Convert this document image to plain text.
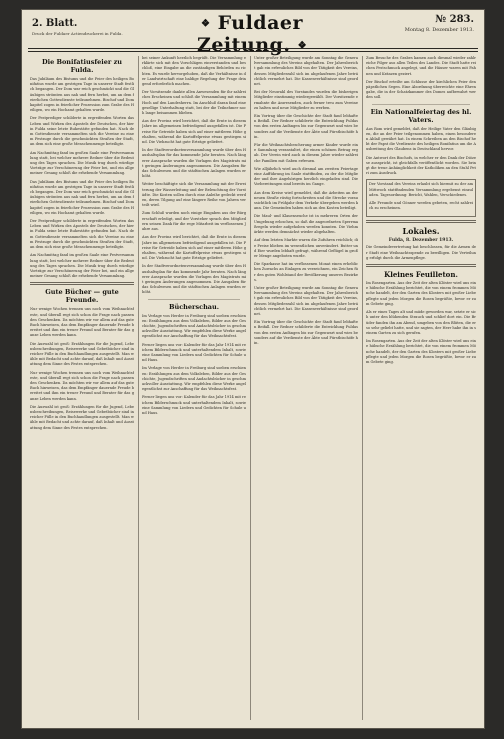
2. Blatt.
Druck der Fuldaer Actiendruckerei in Fulda.
❖ Fuldaer Zeitung. ❖
№ 283.
Montag 8. Dezember 1913.
Die Bonifatiusfeier zu Fulda.

Das Jubiläum des Bistums und die Feier des heiligen Bonifatius wurde am gestrigen Tage in unserer Stadt festlich begangen. Der Dom war reich geschmückt und die Gläubigen strömten aus nah und fern herbei, um an dem feierlichen Gottesdienste teilzunehmen. Bischof und Domkapitel zogen in feierlicher Prozession zum Grabe des Heiligen, wo ein Hochamt gehalten wurde.

Der Festprediger schilderte in ergreifenden Worten das Leben und Wirken des Apostels der Deutschen, der hier in Fulda seine letzte Ruhestätte gefunden hat. Nach dem Gottesdienste versammelten sich die Vereine zu einem Festzuge durch die geschmückten Straßen der Stadt, an dem sich eine große Menschenmenge beteiligte.

Am Nachmittag fand im großen Saale eine Festversammlung statt, bei welcher mehrere Redner über die Bedeutung des Tages sprachen. Die Musik trug durch würdige Vorträge zur Verschönerung der Feier bei, und ein allgemeiner Gesang schloß die erhebende Versammlung.

Das Jubiläum des Bistums und die Feier des heiligen Bonifatius wurde am gestrigen Tage in unserer Stadt festlich begangen. Der Dom war reich geschmückt und die Gläubigen strömten aus nah und fern herbei, um an dem feierlichen Gottesdienste teilzunehmen. Bischof und Domkapitel zogen in feierlicher Prozession zum Grabe des Heiligen, wo ein Hochamt gehalten wurde.

Der Festprediger schilderte in ergreifenden Worten das Leben und Wirken des Apostels der Deutschen, der hier in Fulda seine letzte Ruhestätte gefunden hat. Nach dem Gottesdienste versammelten sich die Vereine zu einem Festzuge durch die geschmückten Straßen der Stadt, an dem sich eine große Menschenmenge beteiligte.

Am Nachmittag fand im großen Saale eine Festversammlung statt, bei welcher mehrere Redner über die Bedeutung des Tages sprachen. Die Musik trug durch würdige Vorträge zur Verschönerung der Feier bei, und ein allgemeiner Gesang schloß die erhebende Versammlung.

Gute Bücher — gute Freunde.

Nur wenige Wochen trennen uns noch vom Weihnachtsfeste, und überall regt sich schon die Frage nach passenden Geschenken. Da möchten wir vor allem auf das gute Buch hinweisen, das dem Empfänger dauernde Freude bereitet und ihm ein treuer Freund und Berater für das ganze Leben werden kann.

Die Auswahl ist groß: Erzählungen für die Jugend, Lebensbeschreibungen, Reisewerke und Gebetbücher sind in reicher Fülle in den Buchhandlungen ausgestellt. Man wähle mit Bedacht und achte darauf, daß Inhalt und Ausstattung dem Sinne des Festes entsprechen.

Nur wenige Wochen trennen uns noch vom Weihnachtsfeste, und überall regt sich schon die Frage nach passenden Geschenken. Da möchten wir vor allem auf das gute Buch hinweisen, das dem Empfänger dauernde Freude bereitet und ihm ein treuer Freund und Berater für das ganze Leben werden kann.

Die Auswahl ist groß: Erzählungen für die Jugend, Lebensbeschreibungen, Reisewerke und Gebetbücher sind in reicher Fülle in den Buchhandlungen ausgestellt. Man wähle mit Bedacht und achte darauf, daß Inhalt und Ausstattung dem Sinne des Festes entsprechen.

bei seiner Ankunft herzlich begrüßt. Die Versammlung erklärte sich mit den Vorschlägen einverstanden und beschloß, eine Eingabe an die zuständigen Behörden zu richten. Es wurde hervorgehoben, daß die Verhältnisse in der Landwirtschaft eine baldige Regelung der Frage dringend erforderlich machen.

Der Vorsitzende dankte allen Anwesenden für ihr zahlreiches Erscheinen und schloß die Versammlung mit einem Hoch auf den Landesherrn. Im Anschluß daran fand eine gesellige Unterhaltung statt, bei der die Teilnehmer noch lange beisammen blieben.

Aus der Provinz wird berichtet, daß die Ernte in diesem Jahre im allgemeinen befriedigend ausgefallen ist. Die Preise für Getreide haben sich auf einer mittleren Höhe gehalten, während die Kartoffelpreise etwas gestiegen sind. Die Viehzucht hat gute Erträge geliefert.

In der Stadtverordnetenversammlung wurde über den Haushaltsplan für das kommende Jahr beraten. Nach längerer Aussprache wurden die Vorlagen des Magistrats mit geringen Änderungen angenommen. Die Ausgaben für das Schulwesen und die städtischen Anlagen wurden erhöht.

Weiter beschäftigte sich die Versammlung mit der Erweiterung der Wasserleitung und der Beleuchtung der Vorstädte. Die Kosten sollen durch eine Anleihe gedeckt werden, deren Tilgung auf eine längere Reihe von Jahren verteilt wird.

Zum Schluß wurden noch einige Eingaben aus der Bürgerschaft erledigt, und der Vorsteher sprach den Mitgliedern seinen Dank für die rege Mitarbeit im verflossenen Jahre aus.

Aus der Provinz wird berichtet, daß die Ernte in diesem Jahre im allgemeinen befriedigend ausgefallen ist. Die Preise für Getreide haben sich auf einer mittleren Höhe gehalten, während die Kartoffelpreise etwas gestiegen sind. Die Viehzucht hat gute Erträge geliefert.

In der Stadtverordnetenversammlung wurde über den Haushaltsplan für das kommende Jahr beraten. Nach längerer Aussprache wurden die Vorlagen des Magistrats mit geringen Änderungen angenommen. Die Ausgaben für das Schulwesen und die städtischen Anlagen wurden erhöht.

Bücherschau.

Im Verlage von Herder in Freiburg sind soeben erschienen: Erzählungen aus dem Volksleben, Bilder aus der Geschichte, Jugendschriften und Andachtsbücher in geschmackvoller Ausstattung. Wir empfehlen diese Werke angelegentlichst zur Anschaffung für das Weihnachtsfest.

Ferner liegen uns vor: Kalender für das Jahr 1914 mit reichem Bilderschmuck und unterhaltendem Inhalt, sowie eine Sammlung von Liedern und Gedichten für Schule und Haus.

Im Verlage von Herder in Freiburg sind soeben erschienen: Erzählungen aus dem Volksleben, Bilder aus der Geschichte, Jugendschriften und Andachtsbücher in geschmackvoller Ausstattung. Wir empfehlen diese Werke angelegentlichst zur Anschaffung für das Weihnachtsfest.

Ferner liegen uns vor: Kalender für das Jahr 1914 mit reichem Bilderschmuck und unterhaltendem Inhalt, sowie eine Sammlung von Liedern und Gedichten für Schule und Haus.

Unter großer Beteiligung wurde am Sonntag die Generalversammlung des Vereins abgehalten. Der Jahresbericht gab ein erfreuliches Bild von der Tätigkeit des Vereins, dessen Mitgliederzahl sich im abgelaufenen Jahre beträchtlich vermehrt hat. Die Kassenverhältnisse sind geordnet.

Bei der Neuwahl des Vorstandes wurden die bisherigen Mitglieder einstimmig wiedergewählt. Der Vorsitzende ermahnte die Anwesenden, auch ferner treu zum Vereine zu halten und neue Mitglieder zu werben.

Ein Vortrag über die Geschichte der Stadt fand lebhaften Beifall. Der Redner schilderte die Entwicklung Fuldas von den ersten Anfängen bis zur Gegenwart und wies besonders auf die Verdienste der Äbte und Fürstbischöfe hin.

Für die Weihnachtsbescherung armer Kinder wurde eine Sammlung veranstaltet, die einen schönen Betrag ergab. Der Verein wird auch in diesem Jahre wieder zahlreiche Familien mit Gaben erfreuen.

Wie alljährlich wird auch diesmal am zweiten Feiertage eine Aufführung im Saale stattfinden, zu der die Mitglieder und ihre Angehörigen herzlich eingeladen sind. Die Vorbereitungen sind bereits im Gange.

Aus dem Kreise wird gemeldet, daß die Arbeiten an der neuen Straße rüstig fortschreiten und die Strecke voraussichtlich im Frühjahr dem Verkehr übergeben werden kann. Die Gemeinden haben sich an den Kosten beteiligt.

Die Maul- und Klauenseuche ist in mehreren Orten der Umgebung erloschen, so daß die angeordneten Sperrmaßregeln wieder aufgehoben werden konnten. Die Viehmärkte werden demnächst wieder abgehalten.

Auf dem letzten Markte waren die Zufuhren reichlich; die Preise blieben im wesentlichen unverändert. Butter und Eier wurden lebhaft gefragt, während Geflügel in großer Menge angeboten wurde.

Die Sparkasse hat im verflossenen Monat einen erheblichen Zuwachs an Einlagen zu verzeichnen, ein Zeichen für den guten Wohlstand der Bevölkerung unseres Bezirkes.

Unter großer Beteiligung wurde am Sonntag die Generalversammlung des Vereins abgehalten. Der Jahresbericht gab ein erfreuliches Bild von der Tätigkeit des Vereins, dessen Mitgliederzahl sich im abgelaufenen Jahre beträchtlich vermehrt hat. Die Kassenverhältnisse sind geordnet.

Ein Vortrag über die Geschichte der Stadt fand lebhaften Beifall. Der Redner schilderte die Entwicklung Fuldas von den ersten Anfängen bis zur Gegenwart und wies besonders auf die Verdienste der Äbte und Fürstbischöfe hin.

Zum Besuche des Grabes kamen auch diesmal wieder zahlreiche Pilger aus allen Teilen des Landes. Die Stadt hatte reichen Festschmuck angelegt, und die Häuser waren mit Fahnen und Kränzen geziert.

Der Bischof erteilte am Schlusse der kirchlichen Feier den päpstlichen Segen. Eine Abordnung überreichte eine Ehrengabe, die in der Schatzkammer des Domes aufbewahrt werden soll.

Ein Nationalfeiertag des hl. Vaters.

Aus Rom wird gemeldet, daß der Heilige Vater den Gläubigen, die an der Feier teilgenommen haben, einen besonderen Ablaß gewährt hat. In einem Schreiben an den Bischof hebt der Papst die Verdienste des heiligen Bonifatius um die Ausbreitung des Glaubens in Deutschland hervor.

Die Antwort des Bischofs, in welcher er den Dank der Diözese ausspricht, ist gleichfalls veröffentlicht worden. Sie bringt die treue Anhänglichkeit der Katholiken an den Stuhl Petri zum Ausdruck.

Der Vorstand des Vereins erlaubt sich hiermit zu der am Mittwoch stattfindenden Versammlung ergebenst einzuladen. Tagesordnung: Bericht, Wahlen, Verschiedenes.

Alle Freunde und Gönner werden gebeten, recht zahlreich zu erscheinen.

Lokales.
Fulda, 8. Dezember 1913.

Die Gemeindevertretung hat beschlossen, für die Armen der Stadt eine Weihnachtsspende zu bewilligen. Die Verteilung erfolgt durch die Armenpflege.

Kleines Feuilleton.

Im Rosengarten. Aus der Zeit der alten Klöster wird uns eine hübsche Erzählung berichtet, die von einem frommen Mönche handelt, der den Garten des Klosters mit großer Liebe pflegte und jeden Morgen die Rosen begrüßte, bevor er zum Gebete ging.

Als er eines Tages alt und müde geworden war, setzte er sich unter den blühenden Strauch und schlief dort ein. Die Brüder fanden ihn am Abend, umgeben von den Blüten, die er so sehr geliebt hatte, und sie sagten, der Herr habe ihn in seinem Garten zu sich gerufen.

Im Rosengarten. Aus der Zeit der alten Klöster wird uns eine hübsche Erzählung berichtet, die von einem frommen Mönche handelt, der den Garten des Klosters mit großer Liebe pflegte und jeden Morgen die Rosen begrüßte, bevor er zum Gebete ging.
